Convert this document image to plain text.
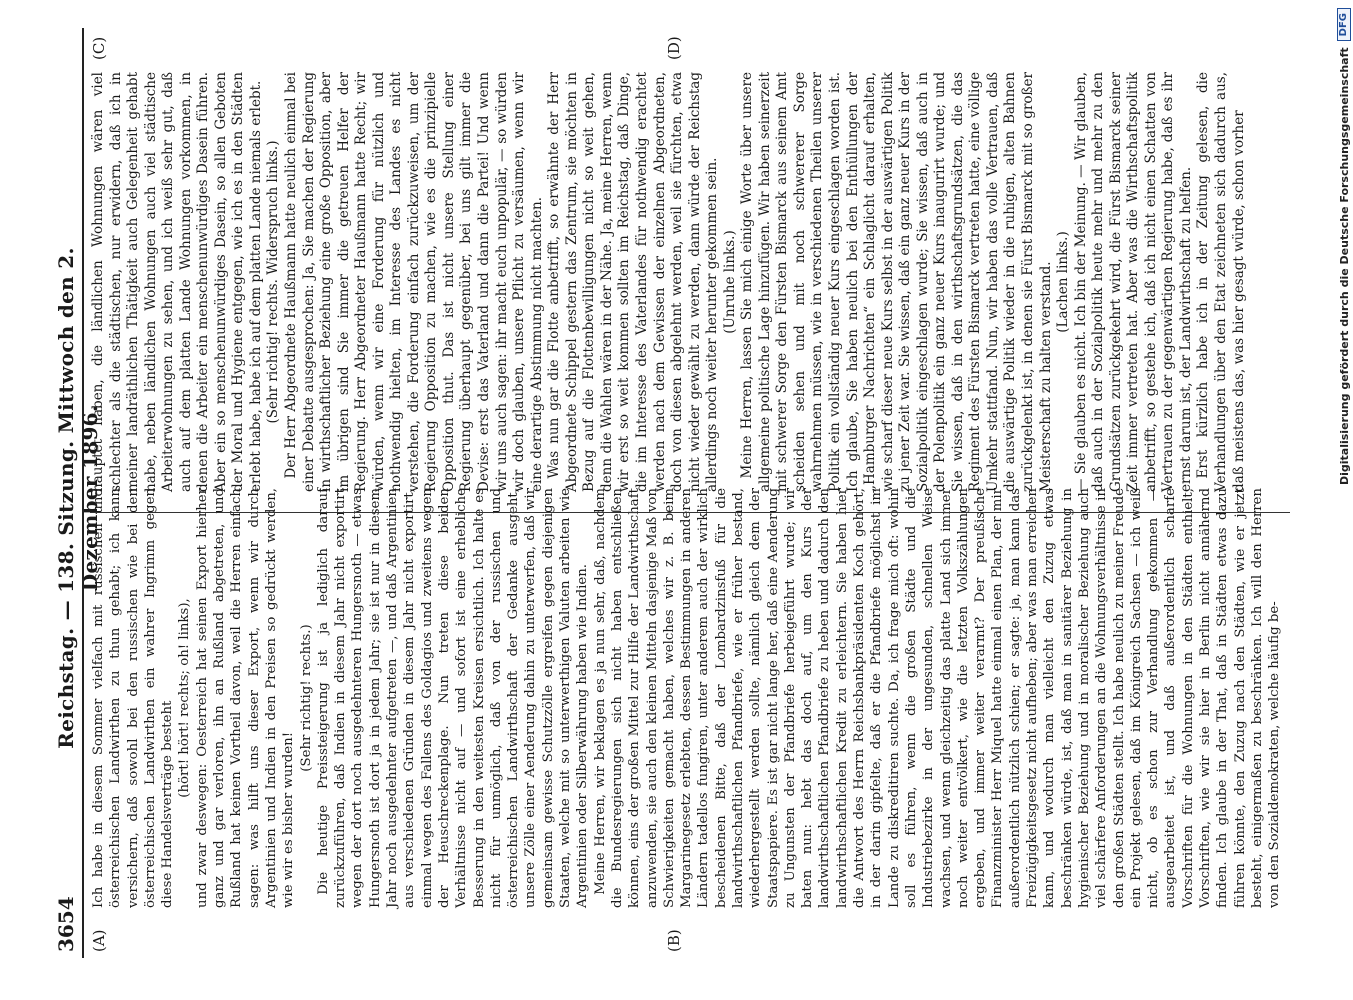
3654
Reichstag. — 138. Sitzung. Mittwoch den 2. Dezember 1896.
(A)	(B)
(C)	(D)

Ich habe in diesem Sommer vielfach mit russischen und österreichischen Landwirthen zu thun gehabt; ich kann versichern, daß sowohl bei den russischen wie bei den österreichischen Landwirthen ein wahrer Ingrimm gegen diese Handelsverträge besteht

(hört! hört! rechts; oh! links), und zwar deswegen: Oesterreich hat seinen Export hierher ganz und gar verloren, ihn an Rußland abgetreten, und Rußland hat keinen Vortheil davon, weil die Herren einfach sagen: was hilft uns dieser Export, wenn wir durch Argentinien und Indien in den Preisen so gedrückt werden, wie wir es bisher wurden!

(Sehr richtig! rechts.) Die heutige Preissteigerung ist ja lediglich darauf zurückzuführen, daß Indien in diesem Jahr nicht exportirt wegen der dort noch ausgedehnteren Hungersnoth — etwas Hungersnoth ist dort ja in jedem Jahr; sie ist nur in diesem Jahr noch ausgedehnter aufgetreten —, und daß Argentinien aus verschiedenen Gründen in diesem Jahr nicht exportirt, einmal wegen des Fallens des Goldagios und zweitens wegen der Heuschreckenplage. Nun treten diese beiden Verhältnisse nicht auf — und sofort ist eine erhebliche Besserung in den weitesten Kreisen ersichtlich. Ich halte es nicht für unmöglich, daß von der russischen und österreichischen Landwirthschaft der Gedanke ausgeht, unsere Zölle einer Aenderung dahin zu unterwerfen, daß wir gemeinsam gewisse Schutzzölle ergreifen gegen diejenigen Staaten, welche mit so unterwerthigen Valuten arbeiten wie Argentinien oder Silberwährung haben wie Indien. Meine Herren, wir beklagen es ja nun sehr, daß, nachdem die Bundesregierungen sich nicht haben entschließen können, eins der großen Mittel zur Hilfe der Landwirthschaft anzuwenden, sie auch den kleinen Mitteln dasjenige Maß von Schwierigkeiten gemacht haben, welches wir z. B. beim Margarinegesetz erlebten, dessen Bestimmungen in anderen Ländern tadellos fungiren, unter anderem auch der wirklich bescheidenen Bitte, daß der Lombardzinsfuß für die landwirthschaftlichen Pfandbriefe, wie er früher bestand, wiederhergestellt werden sollte, nämlich gleich dem der Staatspapiere. Es ist gar nicht lange her, daß eine Aenderung zu Ungunsten der Pfandbriefe herbeigeführt wurde; wir baten nun: hebt das doch auf, um den Kurs der landwirthschaftlichen Pfandbriefe zu heben und dadurch den landwirthschaftlichen Kredit zu erleichtern. Sie haben hier die Antwort des Herrn Reichsbankpräsidenten Koch gehört, in der darin gipfelte, daß er die Pfandbriefe möglichst im Lande zu diskreditiren suchte. Da, ich frage mich oft: wohin soll es führen, wenn die großen Städte und die Industriebezirke in der ungesunden, schnellen Weise wachsen, und wenn gleichzeitig das platte Land sich immer noch weiter entvölkert, wie die letzten Volkszählungen ergeben, und immer weiter verarmt? Der preußische Finanzminister Herr Miquel hatte einmal einen Plan, der mir außerordentlich nützlich schien; er sagte: ja, man kann das Freizügigkeitsgesetz nicht aufheben; aber was man erreichen kann, und wodurch man vielleicht den Zuzug etwas beschränken würde, ist, daß man in sanitärer Beziehung in hygienischer Beziehung und in moralischer Beziehung auch viel schärfere Anforderungen an die Wohnungsverhältnisse in den großen Städten stellt. Ich habe neulich zu meiner Freude ein Projekt gelesen, daß im Königreich Sachsen — ich weiß nicht, ob es schon zur Verhandlung gekommen — ausgearbeitet ist, und daß außerordentlich scharfe Vorschriften für die Wohnungen in den Städten enthielt, Vorschriften, wie wir sie hier in Berlin nicht annähernd finden. Ich glaube in der That, daß in Städten etwas dazu führen könnte, den Zuzug nach den Städten, wie er jetzt besteht, einigermaßen zu beschränken. Ich will den Herren von den Sozialdemokraten, welche häufig be-

hauptet haben, die ländlichen Wohnungen wären viel schlechter als die städtischen, nur erwidern, daß ich in meiner landräthlichen Thätigkeit auch Gelegenheit gehabt habe, neben ländlichen Wohnungen auch viel städtische Arbeiterwohnungen zu sehen, und ich weiß sehr gut, daß auch auf dem platten Lande Wohnungen vorkommen, in denen die Arbeiter ein menschenunwürdiges Dasein führen. Aber ein so menschenunwürdiges Dasein, so allen Geboten der Moral und Hygiene entgegen, wie ich es in den Städten erlebt habe, habe ich auf dem platten Lande niemals erlebt. (Sehr richtig! rechts. Widerspruch links.) Der Herr Abgeordnete Haußmann hatte neulich einmal bei einer Debatte ausgesprochen: Ja, Sie machen der Regierung in wirthschaftlicher Beziehung eine große Opposition, aber im übrigen sind Sie immer die getreuen Helfer der Regierung. Herr Abgeordneter Haußmann hatte Recht; wir würden, wenn wir eine Forderung für nützlich und nothwendig hielten, im Interesse des Landes es nicht verstehen, die Forderung einfach zurückzuweisen, um der Regierung Opposition zu machen, wie es die prinzipielle Opposition thut. Das ist nicht unsere Stellung einer Regierung überhaupt gegenüber, bei uns gilt immer die Devise: erst das Vaterland und dann die Partei! Und wenn wir uns auch sagen: ihr macht euch unpopulär, — so würden wir doch glauben, unsere Pflicht zu versäumen, wenn wir eine derartige Abstimmung nicht machten. Was nun gar die Flotte anbetrifft, so erwähnte der Herr Abgeordnete Schippel gestern das Zentrum, sie möchten in Bezug auf die Flottenbewilligungen nicht so weit gehen, denn die Wahlen wären in der Nähe. Ja, meine Herren, wenn wir erst so weit kommen sollten im Reichstag, daß Dinge, die im Interesse des Vaterlandes für nothwendig erachtet werden nach dem Gewissen der einzelnen Abgeordneten, doch von diesen abgelehnt werden, weil sie fürchten, etwa nicht wieder gewählt zu werden, dann würde der Reichstag allerdings noch weiter herunter gekommen sein. (Unruhe links.) Meine Herren, lassen Sie mich einige Worte über unsere allgemeine politische Lage hinzufügen. Wir haben seinerzeit mit schwerer Sorge den Fürsten Bismarck aus seinem Amt scheiden sehen und mit noch schwererer Sorge wahrnehmen müssen, wie in verschiedenen Theilen unserer Politik ein vollständig neuer Kurs eingeschlagen worden ist. Ich glaube, Sie haben neulich bei den Enthüllungen der „Hamburger Nachrichten“ ein Schlaglicht darauf erhalten, wie scharf dieser neue Kurs selbst in der auswärtigen Politik zu jener Zeit war. Sie wissen, daß ein ganz neuer Kurs in der Sozialpolitik eingeschlagen wurde; Sie wissen, daß auch in der Polenpolitik ein ganz neuer Kurs inaugurirt wurde; und Sie wissen, daß in den wirthschaftsgrundsätzen, die das Regiment des Fürsten Bismarck vertreten hatte, eine völlige Umkehr stattfand. Nun, wir haben das volle Vertrauen, daß die auswärtige Politik wieder in die ruhigen, alten Bahnen zurückgelenkt ist, in denen sie Fürst Bismarck mit so großer Meisterschaft zu halten verstand. (Lachen links.) — Sie glauben es nicht. Ich bin der Meinung. — Wir glauben, daß auch in der Sozialpolitik heute mehr und mehr zu den Grundsätzen zurückgekehrt wird, die Fürst Bismarck seiner Zeit immer vertreten hat. Aber was die Wirthschaftspolitik anbetrifft, so gestehe ich, daß ich nicht einen Schatten von Vertrauen zu der gegenwärtigen Regierung habe, daß es ihr ernst darum ist, der Landwirthschaft zu helfen. Erst kürzlich habe ich in der Zeitung gelesen, die Verhandlungen über den Etat zeichneten sich dadurch aus, daß meistens das, was hier gesagt würde, schon vorher	Digitalisierung gefördert durch die Deutsche Forschungsgemeinschaft
DFG
